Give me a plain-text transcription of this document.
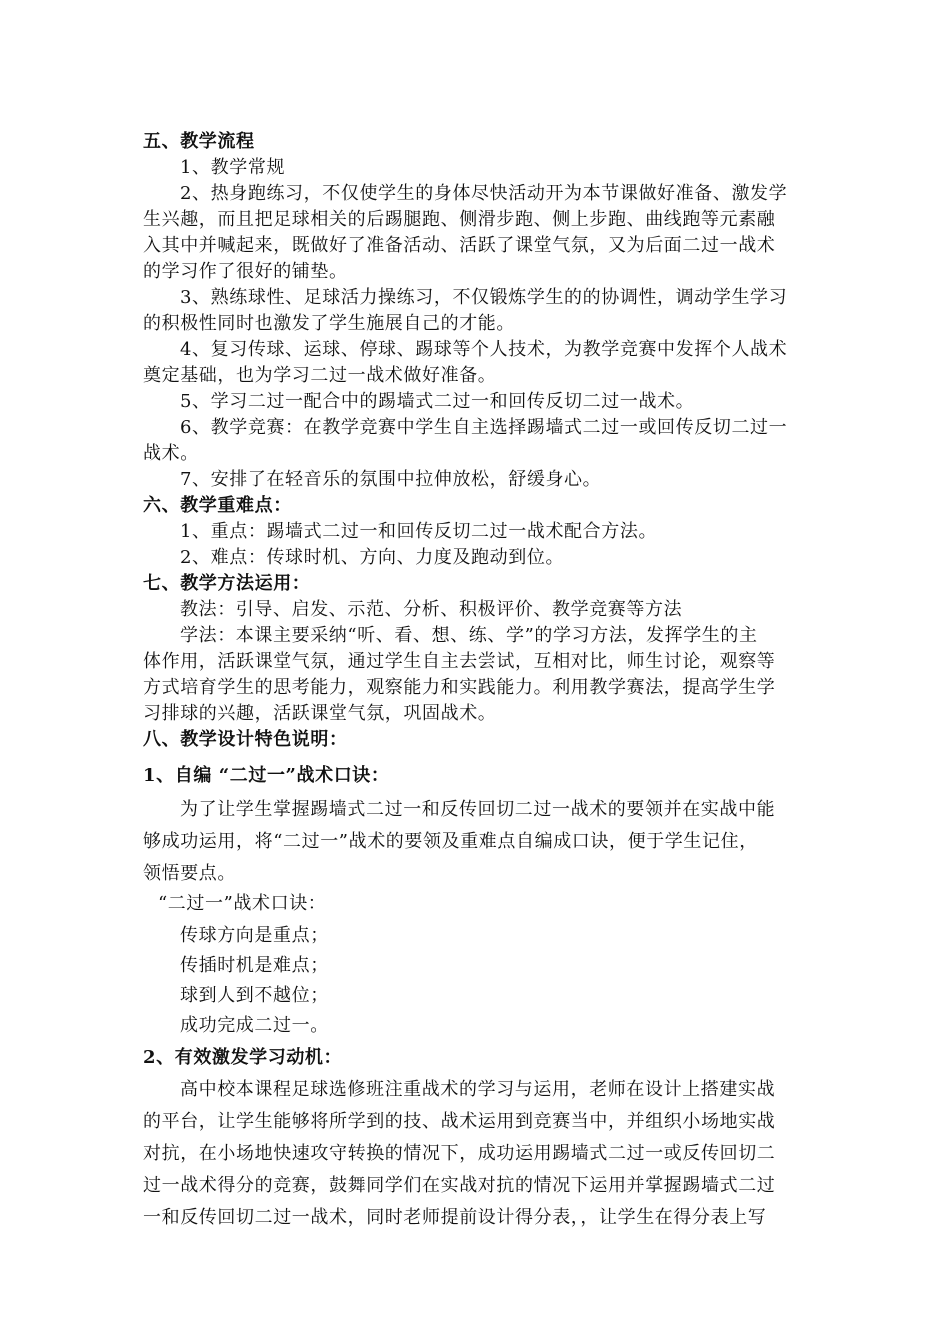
五、教学流程
1、教学常规
2、热身跑练习，不仅使学生的身体尽快活动开为本节课做好准备、激发学
生兴趣，而且把足球相关的后踢腿跑、侧滑步跑、侧上步跑、曲线跑等元素融
入其中并喊起来，既做好了准备活动、活跃了课堂气氛，又为后面二过一战术
的学习作了很好的铺垫。
3、熟练球性、足球活力操练习，不仅锻炼学生的的协调性，调动学生学习
的积极性同时也激发了学生施展自己的才能。
4、复习传球、运球、停球、踢球等个人技术，为教学竞赛中发挥个人战术
奠定基础，也为学习二过一战术做好准备。
5、学习二过一配合中的踢墙式二过一和回传反切二过一战术。
6、教学竞赛：在教学竞赛中学生自主选择踢墙式二过一或回传反切二过一
战术。
7、安排了在轻音乐的氛围中拉伸放松，舒缓身心。
六、教学重难点：
1、重点：踢墙式二过一和回传反切二过一战术配合方法。
2、难点：传球时机、方向、力度及跑动到位。
七、教学方法运用：
教法：引导、启发、示范、分析、积极评价、教学竞赛等方法
学法：本课主要采纳“听、看、想、练、学”的学习方法，发挥学生的主
体作用，活跃课堂气氛，通过学生自主去尝试，互相对比，师生讨论，观察等
方式培育学生的思考能力，观察能力和实践能力。利用教学赛法，提高学生学
习排球的兴趣，活跃课堂气氛，巩固战术。
八、教学设计特色说明：
1、自编 “二过一”战术口诀：
为了让学生掌握踢墙式二过一和反传回切二过一战术的要领并在实战中能
够成功运用，将“二过一”战术的要领及重难点自编成口诀，便于学生记住，
领悟要点。
“二过一”战术口诀：
传球方向是重点；
传插时机是难点；
球到人到不越位；
成功完成二过一。
2、有效激发学习动机：
高中校本课程足球选修班注重战术的学习与运用，老师在设计上搭建实战
的平台，让学生能够将所学到的技、战术运用到竞赛当中，并组织小场地实战
对抗，在小场地快速攻守转换的情况下，成功运用踢墙式二过一或反传回切二
过一战术得分的竞赛，鼓舞同学们在实战对抗的情况下运用并掌握踢墙式二过
一和反传回切二过一战术，同时老师提前设计得分表，，让学生在得分表上写
